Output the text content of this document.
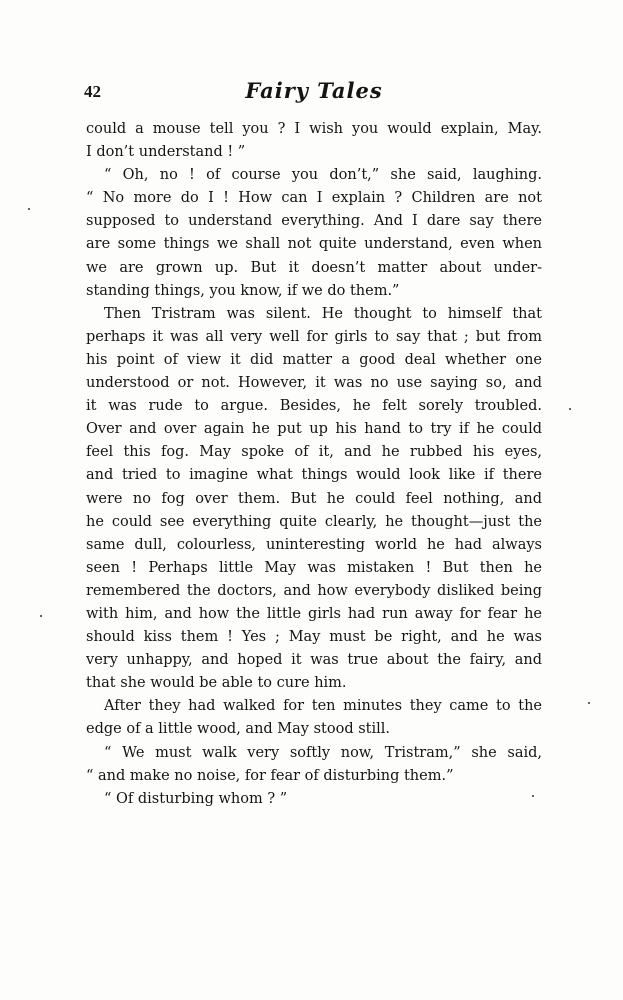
42	Fairy Tales
could a mouse tell you ? I wish you would explain, May.
I don’t understand ! ”
“ Oh, no ! of course you don’t,” she said, laughing.
“ No more do I ! How can I explain ? Children are not
supposed to understand everything. And I dare say there
are some things we shall not quite understand, even when
we are grown up. But it doesn’t matter about under-
standing things, you know, if we do them.”
Then Tristram was silent. He thought to himself that
perhaps it was all very well for girls to say that ; but from
his point of view it did matter a good deal whether one
understood or not. However, it was no use saying so, and
it was rude to argue. Besides, he felt sorely troubled.
Over and over again he put up his hand to try if he could
feel this fog. May spoke of it, and he rubbed his eyes,
and tried to imagine what things would look like if there
were no fog over them. But he could feel nothing, and
he could see everything quite clearly, he thought—just the
same dull, colourless, uninteresting world he had always
seen ! Perhaps little May was mistaken ! But then he
remembered the doctors, and how everybody disliked being
with him, and how the little girls had run away for fear he
should kiss them ! Yes ; May must be right, and he was
very unhappy, and hoped it was true about the fairy, and
that she would be able to cure him.
After they had walked for ten minutes they came to the
edge of a little wood, and May stood still.
“ We must walk very softly now, Tristram,” she said,
“ and make no noise, for fear of disturbing them.”
“ Of disturbing whom ? ”
